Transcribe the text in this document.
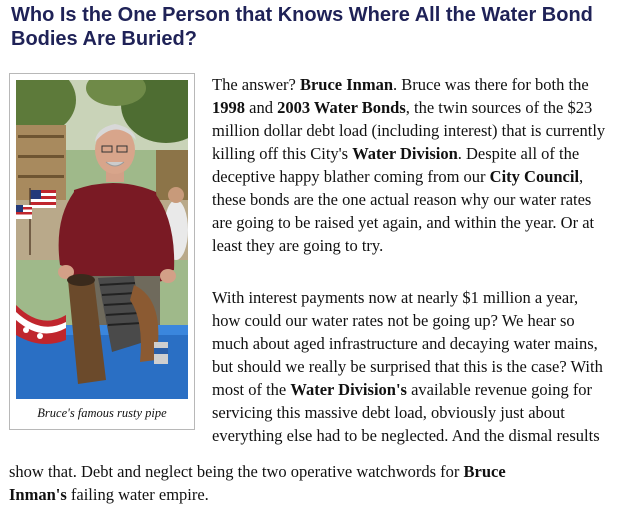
Who Is the One Person that Knows Where All the Water Bond Bodies Are Buried?
Bruce's famous rusty pipe
The answer? Bruce Inman. Bruce was there for both the
1998 and 2003 Water Bonds, the twin sources of the $23
million dollar debt load (including interest) that is currently
killing off this City's Water Division. Despite all of the
deceptive happy blather coming from our City Council,
these bonds are the one actual reason why our water rates
are going to be raised yet again, and within the year. Or at
least they are going to try.
With interest payments now at nearly $1 million a year,
how could our water rates not be going up? We hear so
much about aged infrastructure and decaying water mains,
but should we really be surprised that this is the case? With
most of the Water Division's available revenue going for
servicing this massive debt load, obviously just about
everything else had to be neglected. And the dismal results
show that. Debt and neglect being the two operative watchwords for Bruce
Inman's failing water empire.
